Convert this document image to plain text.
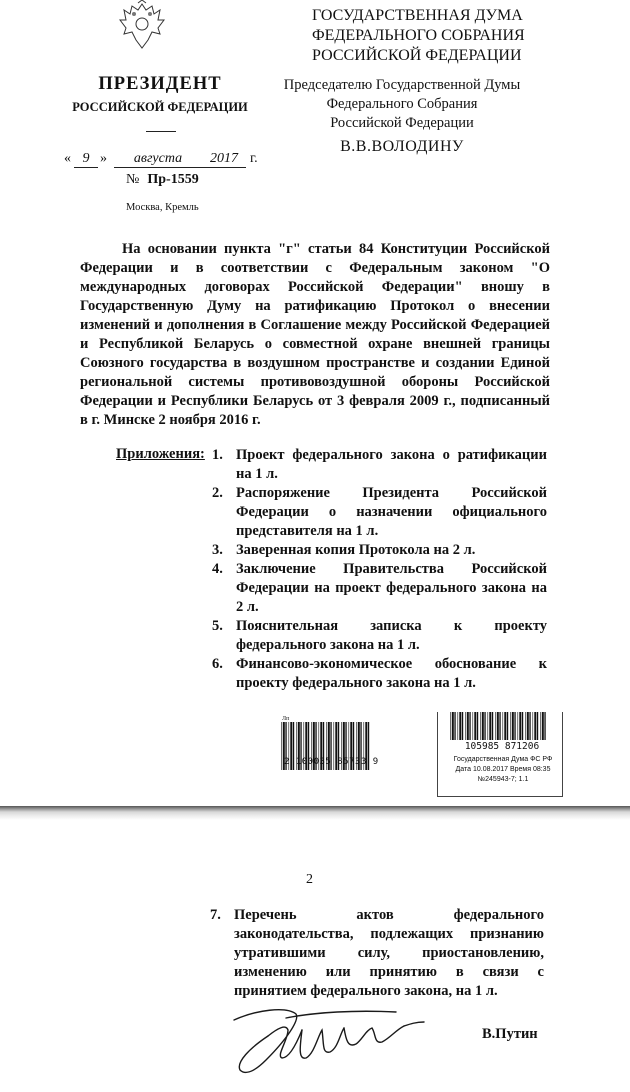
ПРЕЗИДЕНТ
РОССИЙСКОЙ ФЕДЕРАЦИИ
« 9 »	августа	2017 г.
№ Пр-1559
Москва, Кремль
ГОСУДАРСТВЕННАЯ ДУМА
ФЕДЕРАЛЬНОГО СОБРАНИЯ
РОССИЙСКОЙ ФЕДЕРАЦИИ
Председателю Государственной Думы
Федерального Собрания
Российской Федерации
В.В.ВОЛОДИНУ
На основании пункта "г" статьи 84 Конституции Российской Федерации и в соответствии с Федеральным законом "О международных договорах Российской Федерации" вношу в Государственную Думу на ратификацию Протокол о внесении изменений и дополнения в Соглашение между Российской Федерацией и Республикой Беларусь о совместной охране внешней границы Союзного государства в воздушном пространстве и создании Единой региональной системы противовоздушной обороны Российской Федерации и Республики Беларусь от 3 февраля 2009 г., подписанный в г. Минске 2 ноября 2016 г.
Приложения: 1. Проект федерального закона о ратификации на 1 л.
2. Распоряжение Президента Российской Федерации о назначении официального представителя на 1 л.
3. Заверенная копия Протокола на 2 л.
4. Заключение Правительства Российской Федерации на проект федерального закона на 2 л.
5. Пояснительная записка к проекту федерального закона на 1 л.
6. Финансово-экономическое обоснование к проекту федерального закона на 1 л.
Лп
2 100035 85733 9
105985 871206
Государственная Дума ФС РФ
Дата 10.08.2017 Время 08:35
№245943-7; 1.1
2
7. Перечень актов федерального законодательства, подлежащих признанию утратившими силу, приостановлению, изменению или принятию в связи с принятием федерального закона, на 1 л.
В.Путин
